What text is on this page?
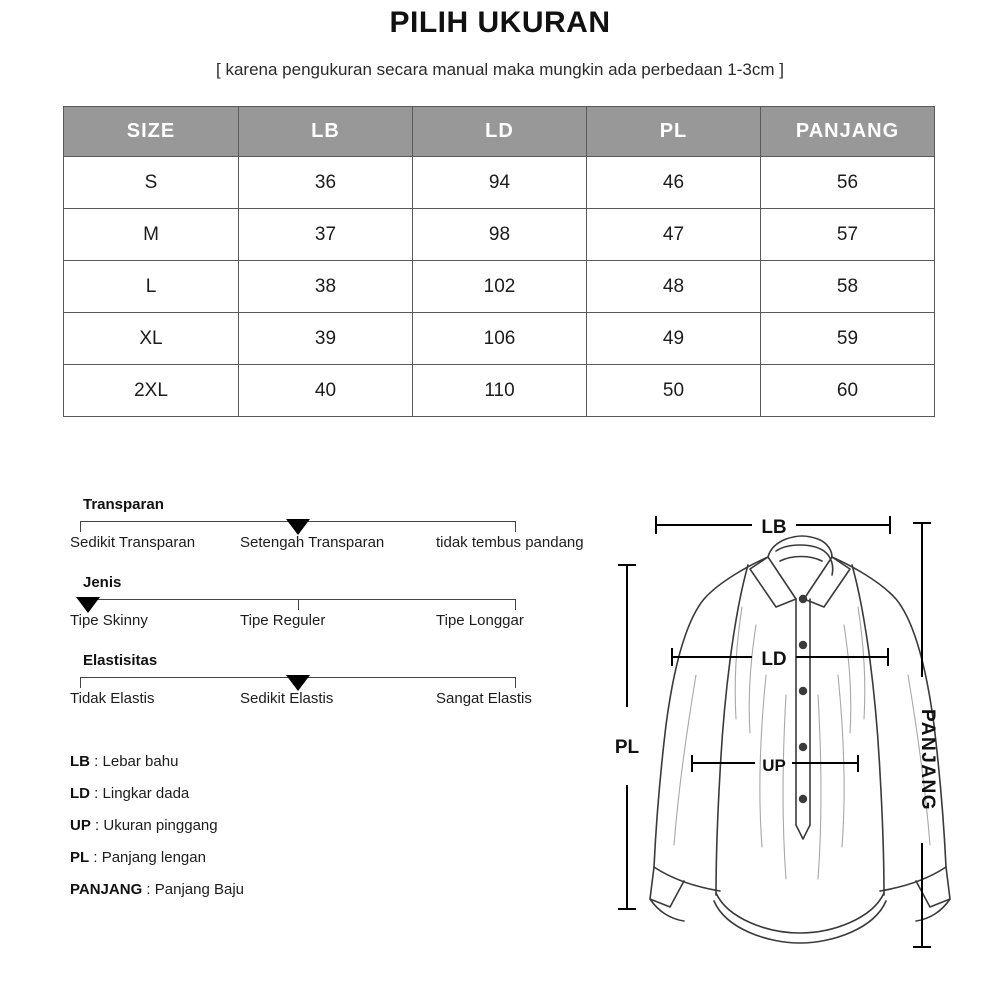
PILIH UKURAN
[ karena pengukuran secara manual maka mungkin ada perbedaan 1-3cm ]
SIZE	LB	LD	PL	PANJANG
S	36	94	46	56
M	37	98	47	57
L	38	102	48	58
XL	39	106	49	59
2XL	40	110	50	60
Transparan
Sedikit Transparan	Setengah Transparan	tidak tembus pandang
Jenis
Tipe Skinny	Tipe Reguler	Tipe Longgar
Elastisitas
Tidak Elastis	Sedikit Elastis	Sangat Elastis
LB : Lebar bahu
LD : Lingkar dada
UP : Ukuran pinggang
PL : Panjang lengan
PANJANG : Panjang Baju
LB
LD
UP
PL	PANJANG
